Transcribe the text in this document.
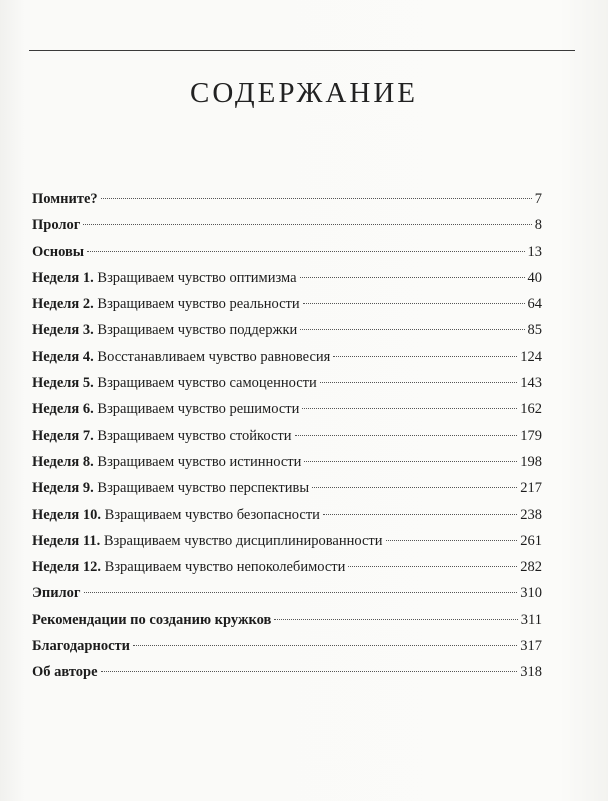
СОДЕРЖАНИЕ
Помните?	7
Пролог	8
Основы	13
Неделя 1. Взращиваем чувство оптимизма	40
Неделя 2. Взращиваем чувство реальности	64
Неделя 3. Взращиваем чувство поддержки	85
Неделя 4. Восстанавливаем чувство равновесия	124
Неделя 5. Взращиваем чувство самоценности	143
Неделя 6. Взращиваем чувство решимости	162
Неделя 7. Взращиваем чувство стойкости	179
Неделя 8. Взращиваем чувство истинности	198
Неделя 9. Взращиваем чувство перспективы	217
Неделя 10. Взращиваем чувство безопасности	238
Неделя 11. Взращиваем чувство дисциплинированности	261
Неделя 12. Взращиваем чувство непоколебимости	282
Эпилог	310
Рекомендации по созданию кружков	311
Благодарности	317
Об авторе	318
